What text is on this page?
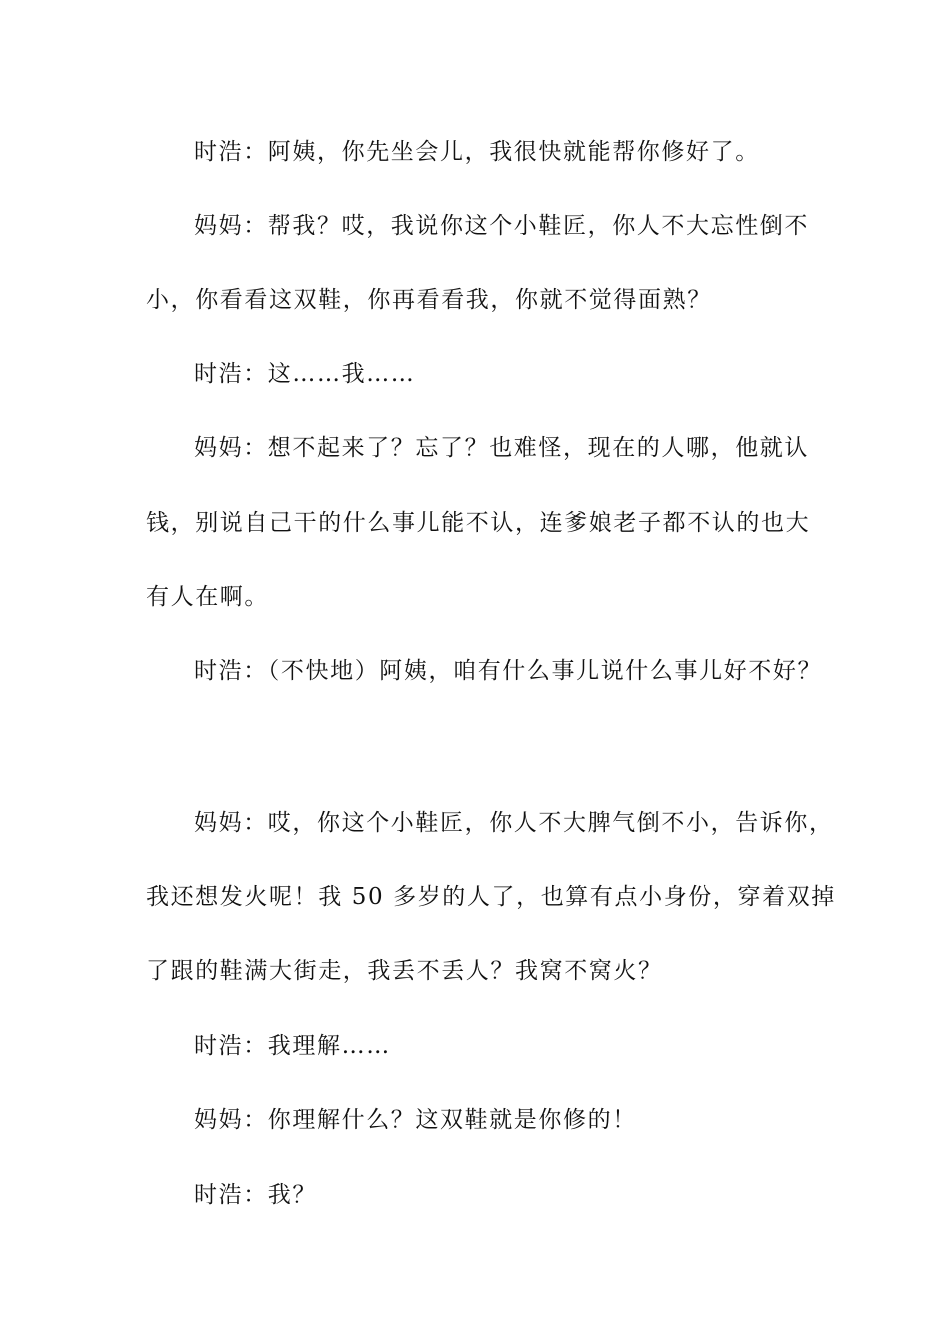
时浩：阿姨，你先坐会儿，我很快就能帮你修好了。

妈妈：帮我？哎，我说你这个小鞋匠，你人不大忘性倒不

小，你看看这双鞋，你再看看我，你就不觉得面熟？

时浩：这……我……

妈妈：想不起来了？忘了？也难怪，现在的人哪，他就认

钱，别说自己干的什么事儿能不认，连爹娘老子都不认的也大

有人在啊。

时浩：（不快地）阿姨，咱有什么事儿说什么事儿好不好？

妈妈：哎，你这个小鞋匠，你人不大脾气倒不小，告诉你，

我还想发火呢！我 50 多岁的人了，也算有点小身份，穿着双掉

了跟的鞋满大街走，我丢不丢人？我窝不窝火？

时浩：我理解……

妈妈：你理解什么？这双鞋就是你修的！

时浩：我？
